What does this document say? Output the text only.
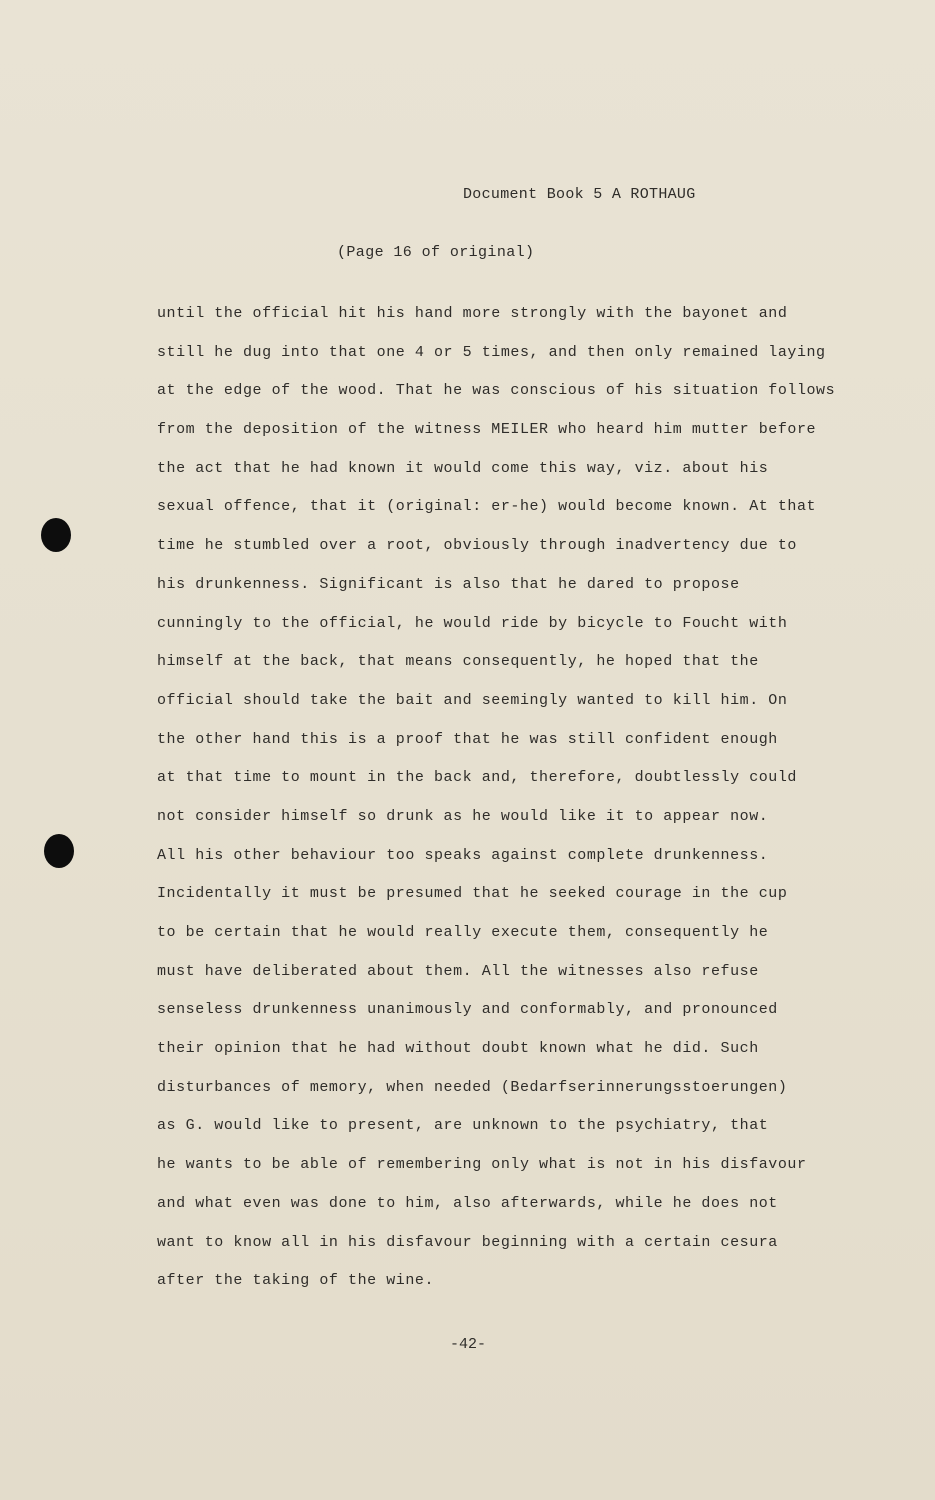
Document Book 5 A ROTHAUG
(Page 16 of original)
until the official hit his hand more strongly with the bayonet and
still he dug into that one 4 or 5 times, and then only remained laying
at the edge of the wood. That he was conscious of his situation follows
from the deposition of the witness MEILER who heard him mutter before
the act that he had known it would come this way, viz. about his
sexual offence, that it (original: er-he) would become known. At that
time he stumbled over a root, obviously through inadvertency due to
his drunkenness. Significant is also that he dared to propose
cunningly to the official, he would ride by bicycle to Foucht with
himself at the back, that means consequently, he hoped that the
official should take the bait and seemingly wanted to kill him. On
the other hand this is a proof that he was still confident enough
at that time to mount in the back and, therefore, doubtlessly could
not consider himself so drunk as he would like it to appear now.
All his other behaviour too speaks against complete drunkenness.
Incidentally it must be presumed that he seeked courage in the cup
to be certain that he would really execute them, consequently he
must have deliberated about them. All the witnesses also refuse
senseless drunkenness unanimously and conformably, and pronounced
their opinion that he had without doubt known what he did. Such
disturbances of memory, when needed (Bedarfserinnerungsstoerungen)
as G. would like to present, are unknown to the psychiatry, that
he wants to be able of remembering only what is not in his disfavour
and what even was done to him, also afterwards, while he does not
want to know all in his disfavour beginning with a certain cesura
after the taking of the wine.
-42-
